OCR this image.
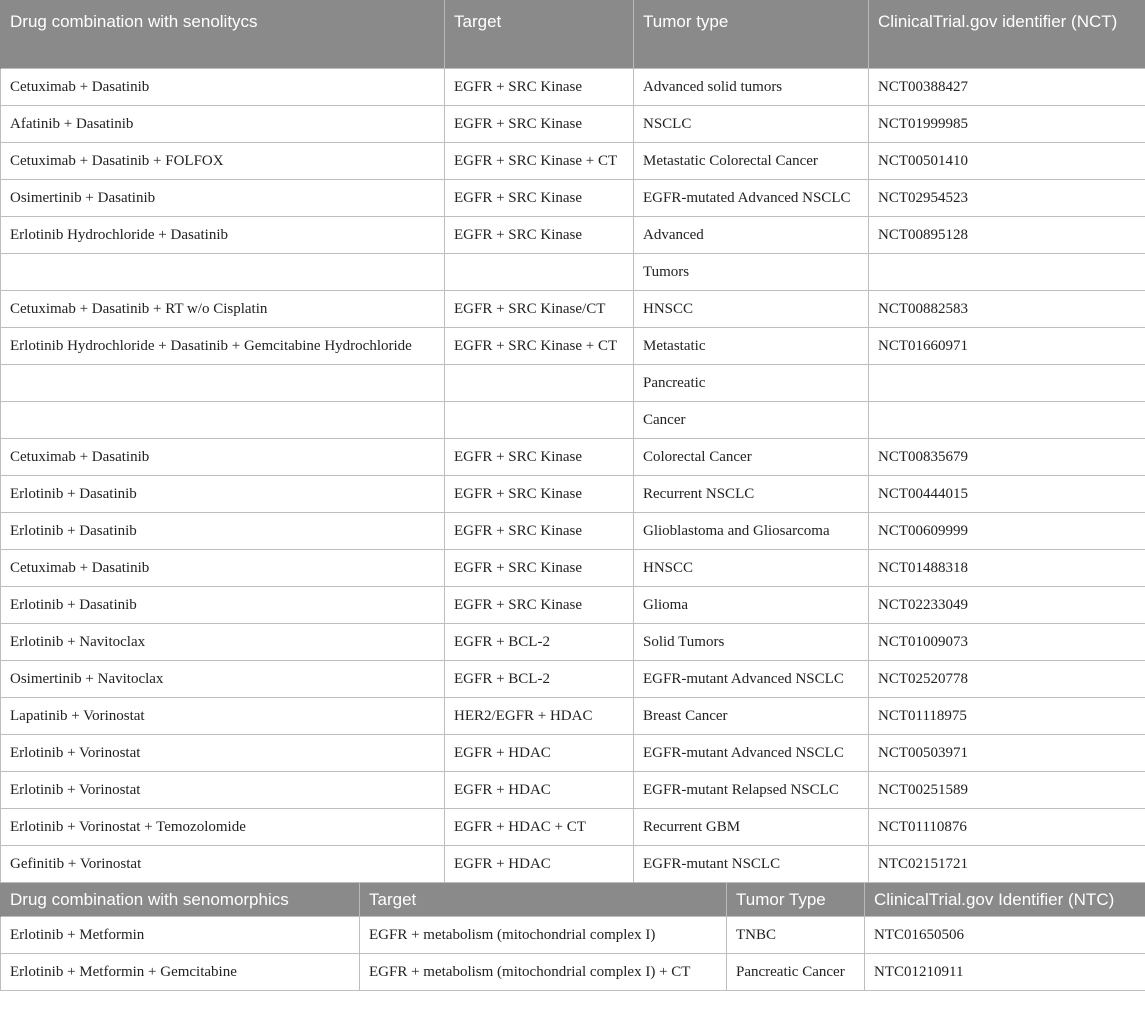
Drug combination with senolitycs	Target	Tumor type	ClinicalTrial.gov identifier (NCT)
Cetuximab + Dasatinib	EGFR + SRC Kinase	Advanced solid tumors	NCT00388427
Afatinib + Dasatinib	EGFR + SRC Kinase	NSCLC	NCT01999985
Cetuximab + Dasatinib + FOLFOX	EGFR + SRC Kinase + CT	Metastatic Colorectal Cancer	NCT00501410
Osimertinib + Dasatinib	EGFR + SRC Kinase	EGFR-mutated Advanced NSCLC	NCT02954523
Erlotinib Hydrochloride + Dasatinib	EGFR + SRC Kinase	Advanced	NCT00895128
		Tumors	
Cetuximab + Dasatinib + RT w/o Cisplatin	EGFR + SRC Kinase/CT	HNSCC	NCT00882583
Erlotinib Hydrochloride + Dasatinib + Gemcitabine Hydrochloride	EGFR + SRC Kinase + CT	Metastatic	NCT01660971
		Pancreatic	
		Cancer	
Cetuximab + Dasatinib	EGFR + SRC Kinase	Colorectal Cancer	NCT00835679
Erlotinib + Dasatinib	EGFR + SRC Kinase	Recurrent NSCLC	NCT00444015
Erlotinib + Dasatinib	EGFR + SRC Kinase	Glioblastoma and Gliosarcoma	NCT00609999
Cetuximab + Dasatinib	EGFR + SRC Kinase	HNSCC	NCT01488318
Erlotinib + Dasatinib	EGFR + SRC Kinase	Glioma	NCT02233049
Erlotinib + Navitoclax	EGFR + BCL-2	Solid Tumors	NCT01009073
Osimertinib + Navitoclax	EGFR + BCL-2	EGFR-mutant Advanced NSCLC	NCT02520778
Lapatinib + Vorinostat	HER2/EGFR + HDAC	Breast Cancer	NCT01118975
Erlotinib + Vorinostat	EGFR + HDAC	EGFR-mutant Advanced NSCLC	NCT00503971
Erlotinib + Vorinostat	EGFR + HDAC	EGFR-mutant Relapsed NSCLC	NCT00251589
Erlotinib + Vorinostat + Temozolomide	EGFR + HDAC + CT	Recurrent GBM	NCT01110876
Gefinitib + Vorinostat	EGFR + HDAC	EGFR-mutant NSCLC	NTC02151721
Drug combination with senomorphics	Target	Tumor Type	ClinicalTrial.gov Identifier (NTC)
Erlotinib + Metformin	EGFR + metabolism (mitochondrial complex I)	TNBC	NTC01650506
Erlotinib + Metformin + Gemcitabine	EGFR + metabolism (mitochondrial complex I) + CT	Pancreatic Cancer	NTC01210911
